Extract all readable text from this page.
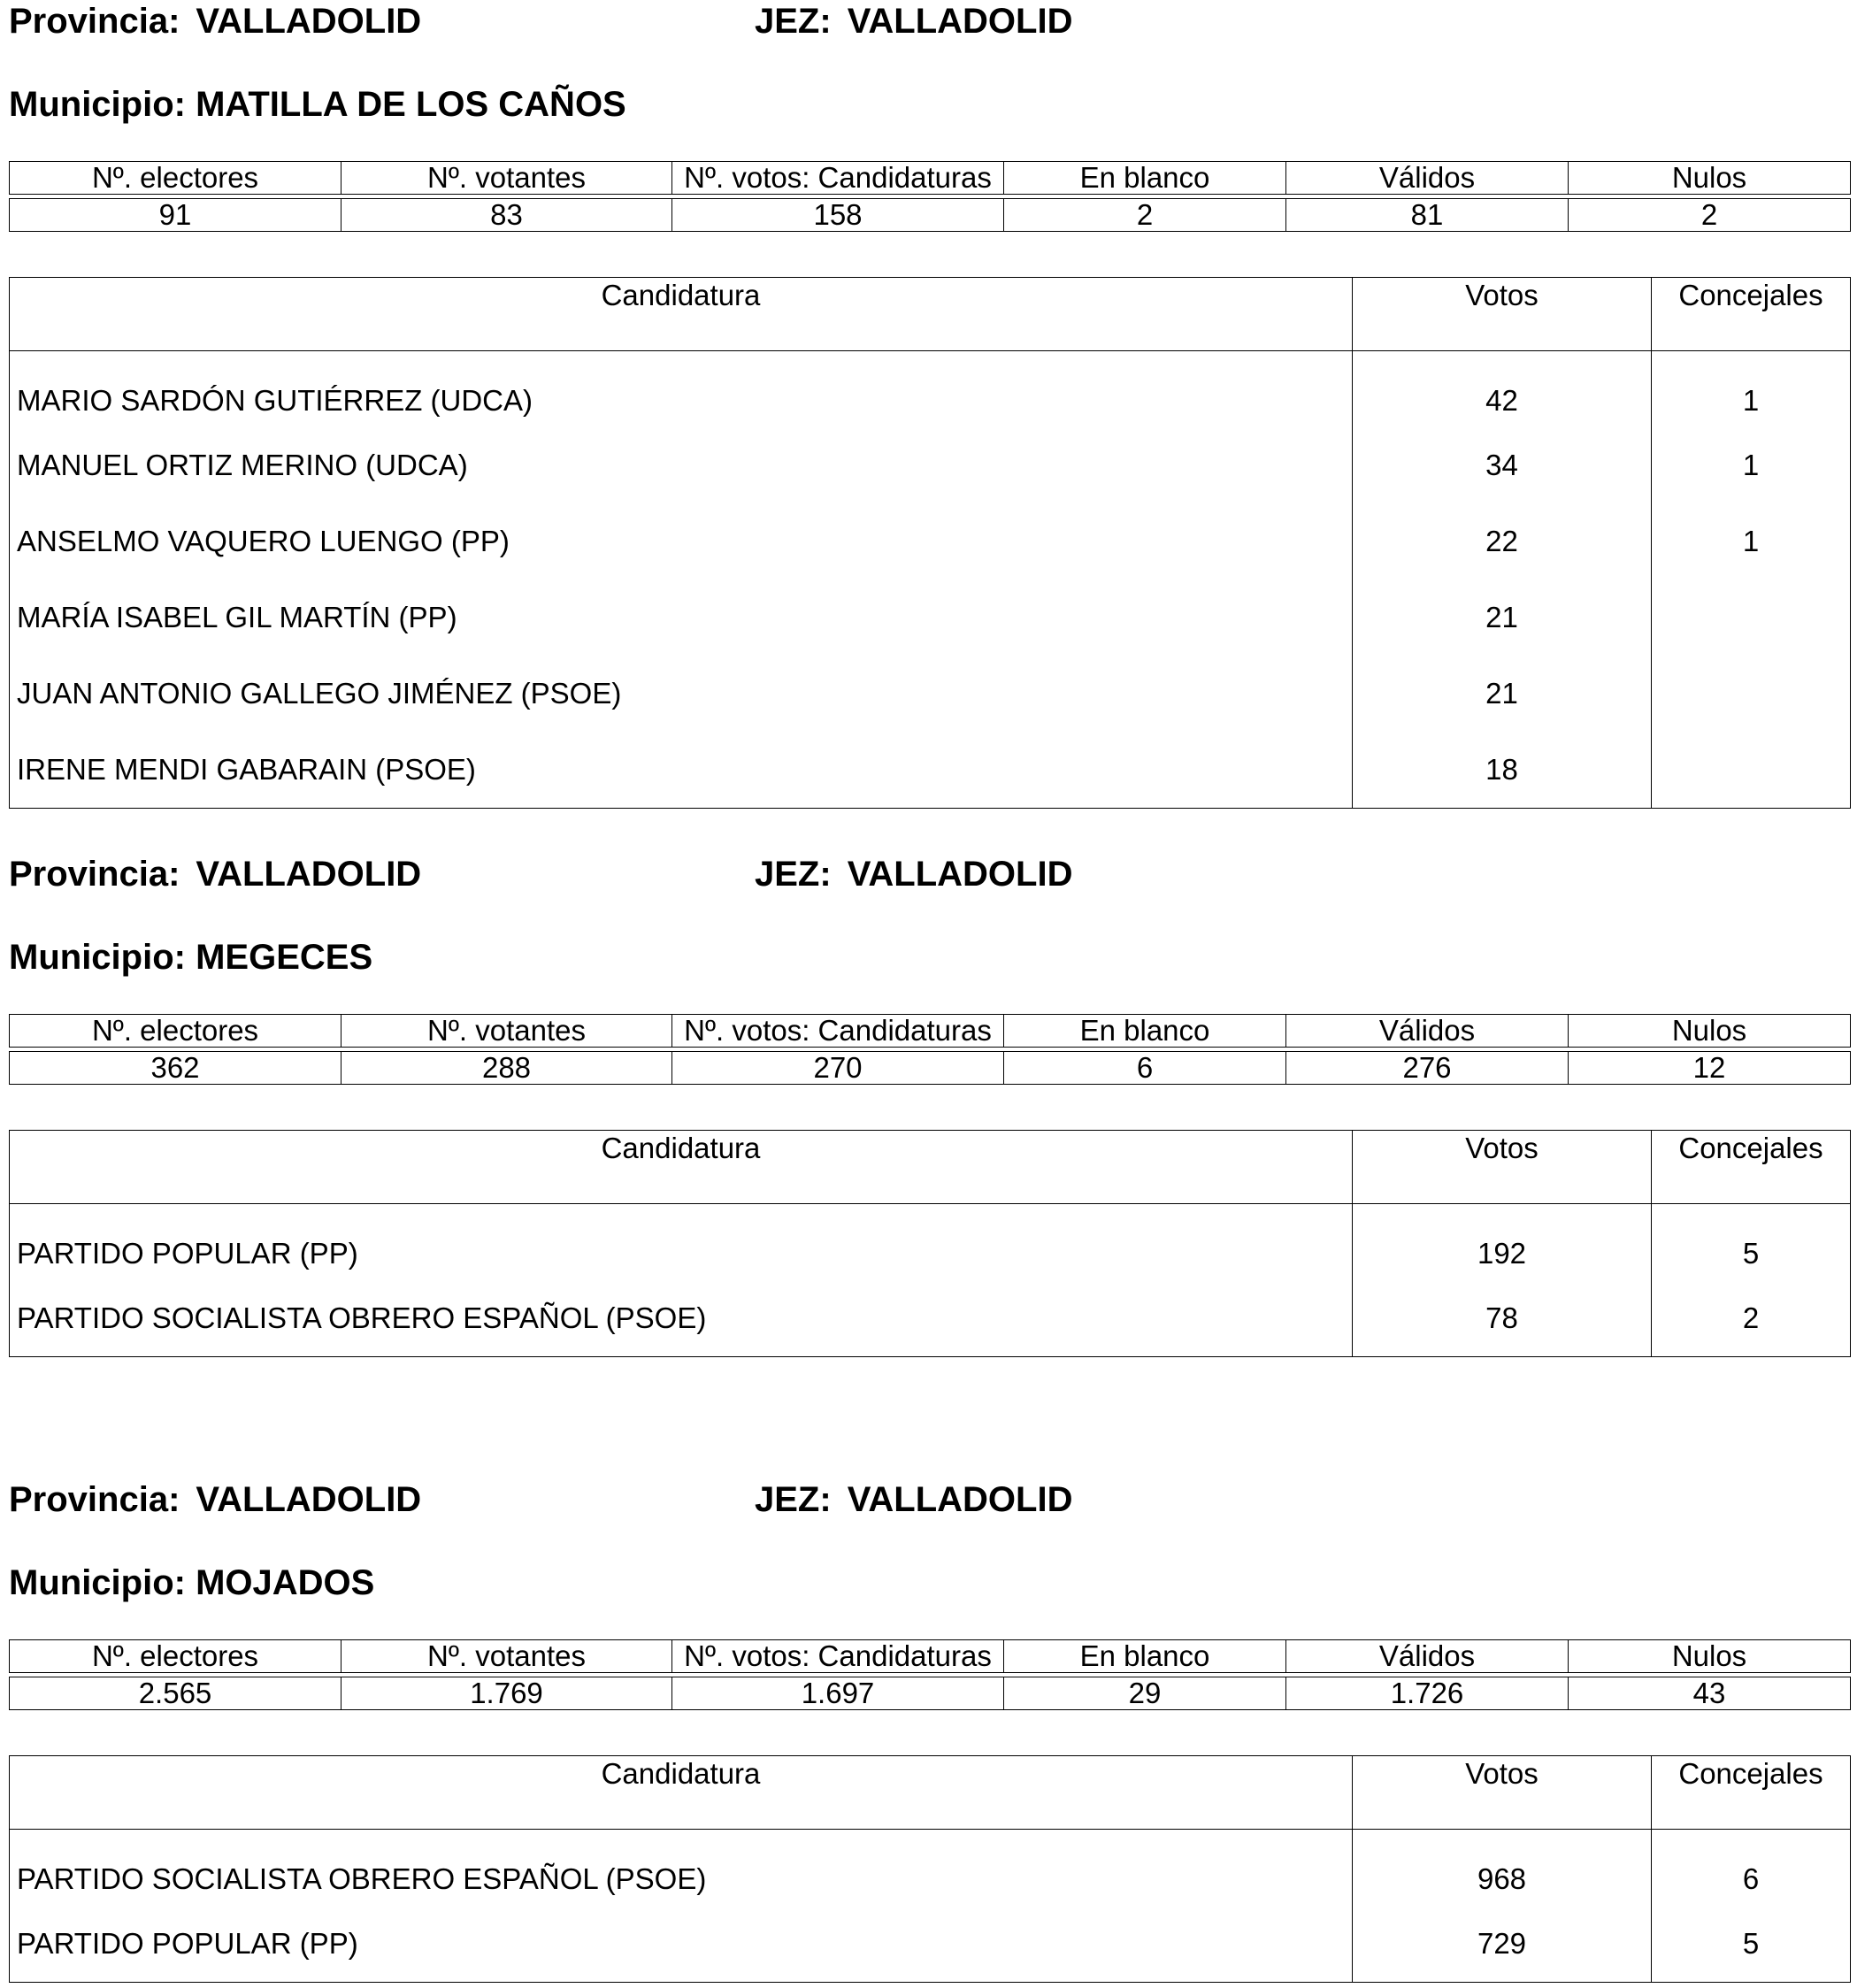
Provincia: VALLADOLID	JEZ: VALLADOLID
Municipio: MATILLA DE LOS CAÑOS
Nº. electores	Nº. votantes	Nº. votos: Candidaturas	En blanco	Válidos	Nulos

91	83	158	2	81	2
Candidatura	Votos	Concejales
MARIO SARDÓN GUTIÉRREZ (UDCA)	42	1
MANUEL ORTIZ MERINO (UDCA)	34	1
ANSELMO VAQUERO LUENGO (PP)	22	1
MARÍA ISABEL GIL MARTÍN (PP)	21	
JUAN ANTONIO GALLEGO JIMÉNEZ (PSOE)	21	
IRENE MENDI GABARAIN (PSOE)	18	
Provincia: VALLADOLID	JEZ: VALLADOLID
Municipio: MEGECES
Nº. electores	Nº. votantes	Nº. votos: Candidaturas	En blanco	Válidos	Nulos

362	288	270	6	276	12
Candidatura	Votos	Concejales
PARTIDO POPULAR (PP)	192	5
PARTIDO SOCIALISTA OBRERO ESPAÑOL (PSOE)	78	2
Provincia: VALLADOLID	JEZ: VALLADOLID
Municipio: MOJADOS
Nº. electores	Nº. votantes	Nº. votos: Candidaturas	En blanco	Válidos	Nulos

2.565	1.769	1.697	29	1.726	43
Candidatura	Votos	Concejales
PARTIDO SOCIALISTA OBRERO ESPAÑOL (PSOE)	968	6
PARTIDO POPULAR (PP)	729	5
